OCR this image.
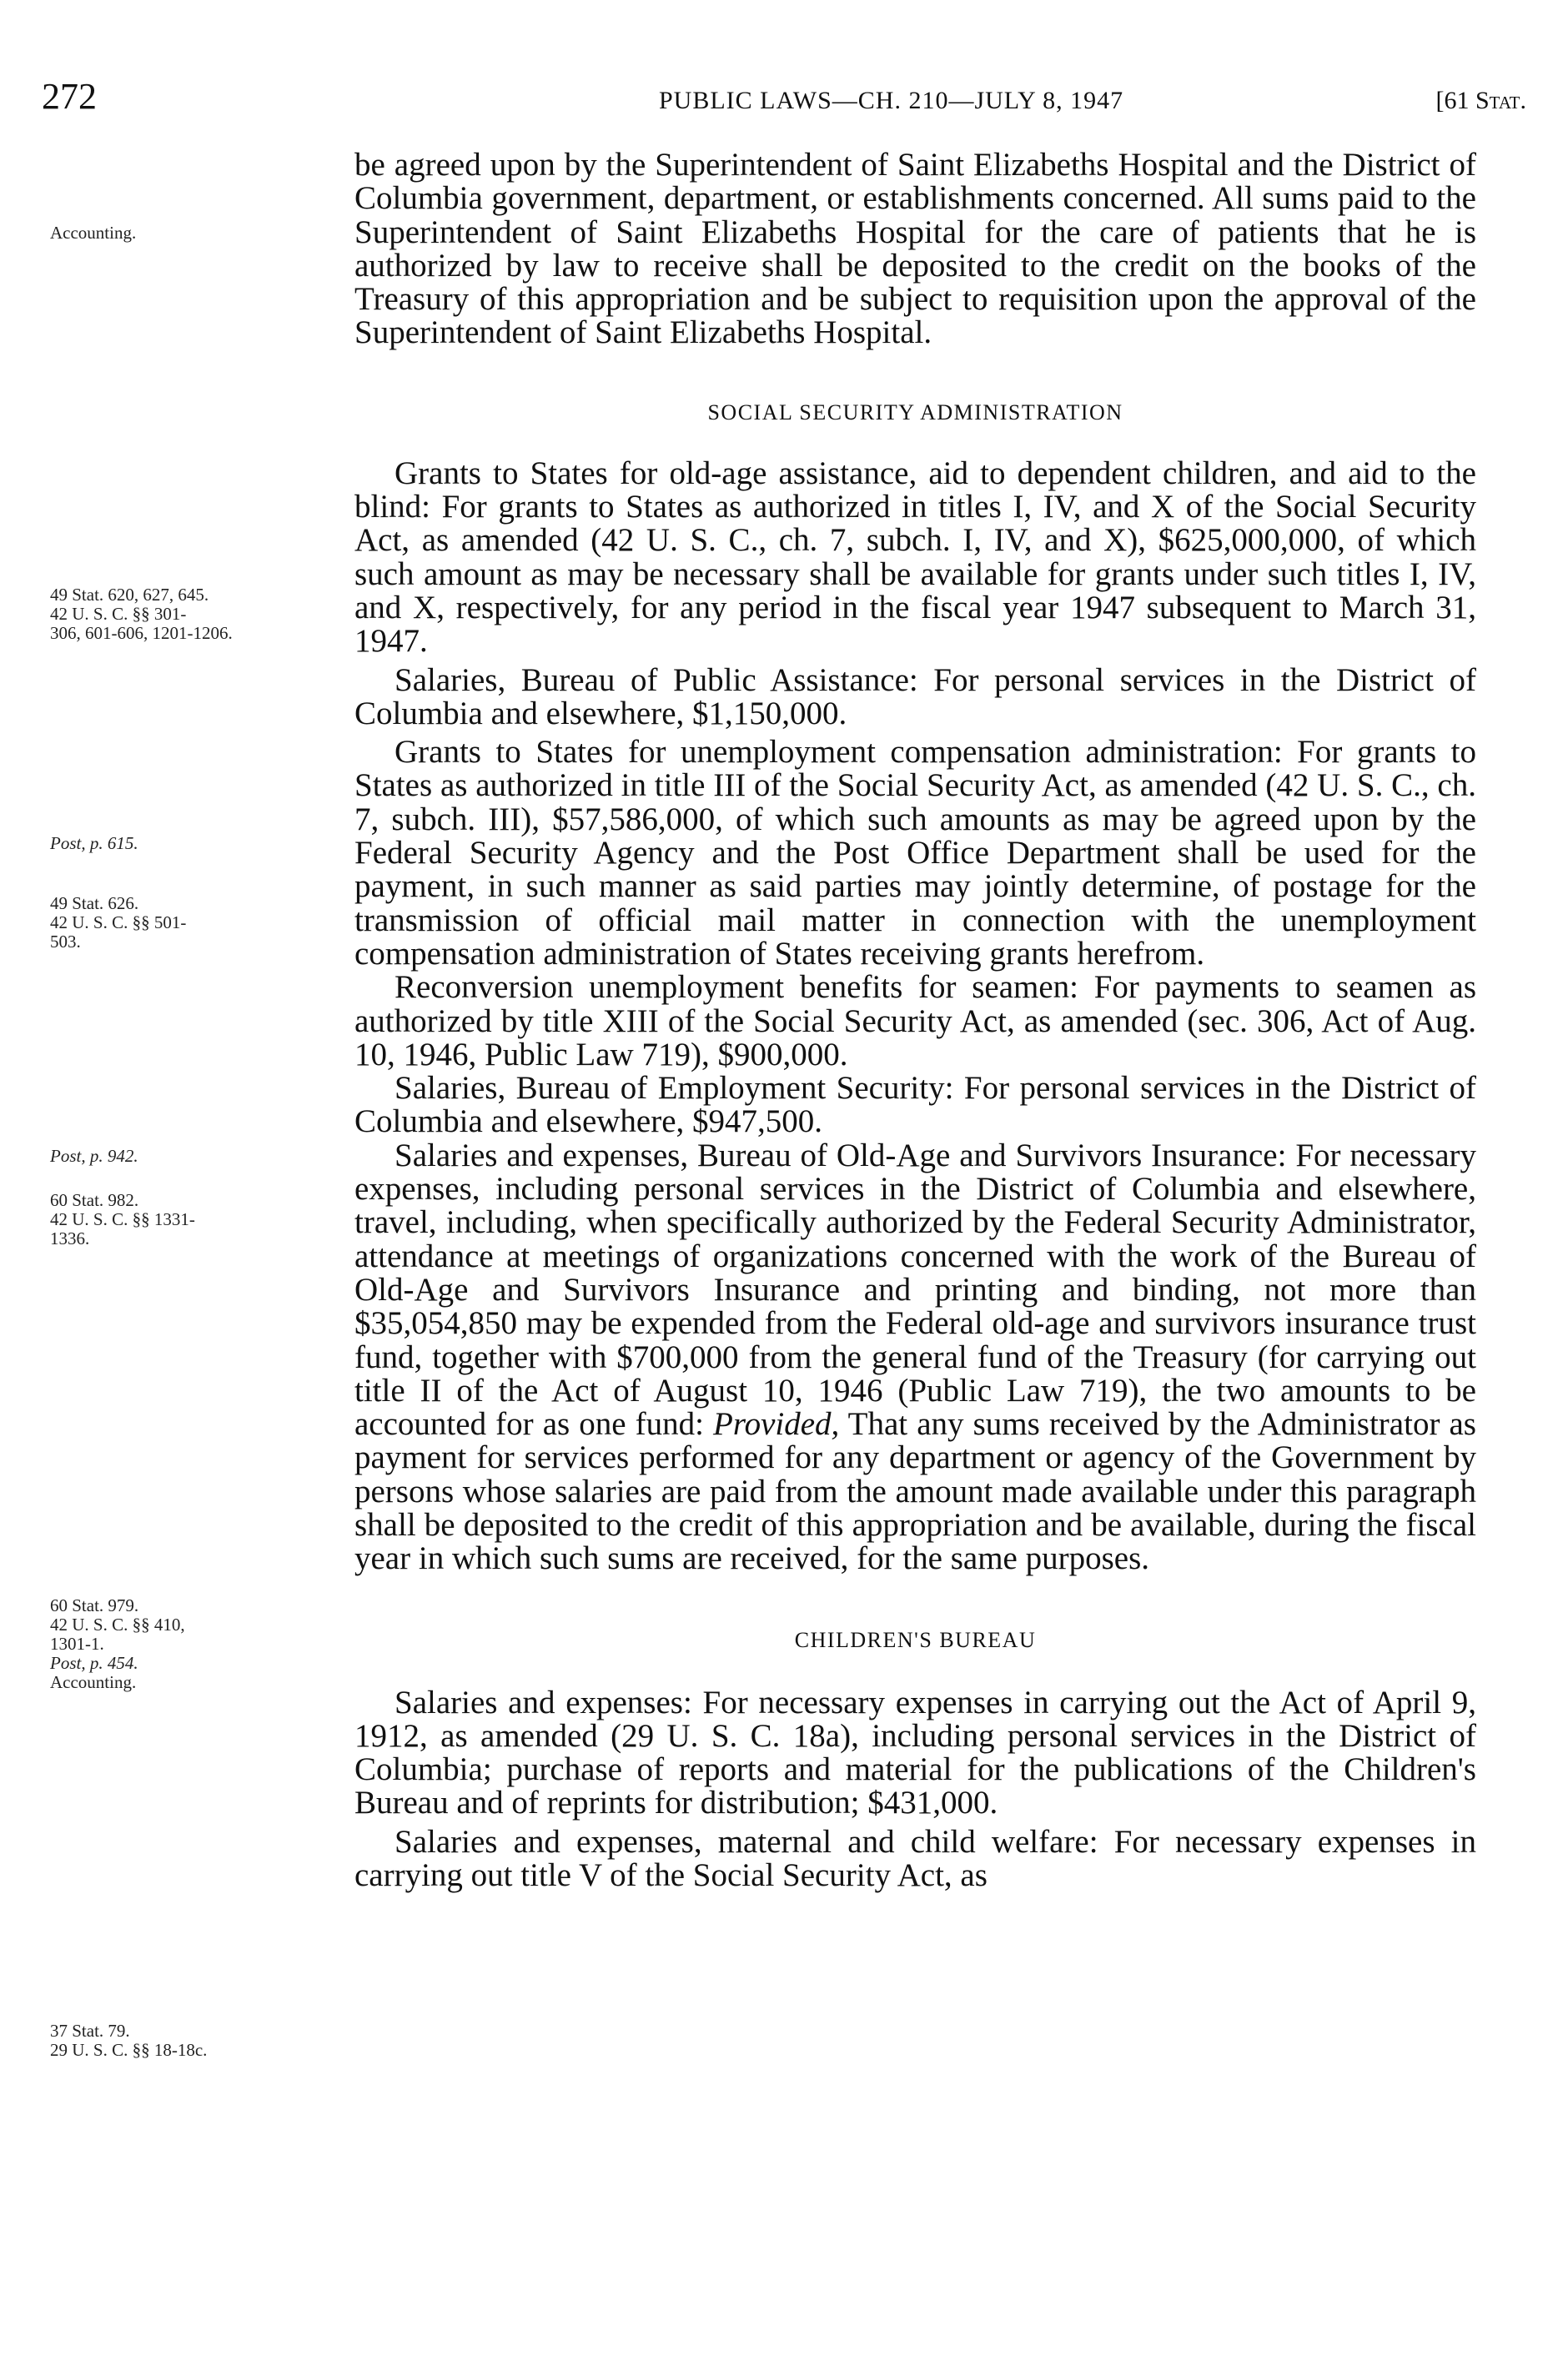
272	PUBLIC LAWS—CH. 210—JULY 8, 1947	[61 Stat.
Accounting.
49 Stat. 620, 627, 645.
42 U. S. C. §§ 301-
306, 601-606, 1201-1206.
Post, p. 615.
49 Stat. 626.
42 U. S. C. §§ 501-
503.
Post, p. 942.
60 Stat. 982.
42 U. S. C. §§ 1331-
1336.
60 Stat. 979.
42 U. S. C. §§ 410,
1301-1.
Post, p. 454.
Accounting.
37 Stat. 79.
29 U. S. C. §§ 18-18c.

be agreed upon by the Superintendent of Saint Elizabeths Hospital and the District of Columbia government, department, or establishments concerned. All sums paid to the Superintendent of Saint Elizabeths Hospital for the care of patients that he is authorized by law to receive shall be deposited to the credit on the books of the Treasury of this appropriation and be subject to requisition upon the approval of the Superintendent of Saint Elizabeths Hospital.

SOCIAL SECURITY ADMINISTRATION

Grants to States for old-age assistance, aid to dependent children, and aid to the blind: For grants to States as authorized in titles I, IV, and X of the Social Security Act, as amended (42 U. S. C., ch. 7, subch. I, IV, and X), $625,000,000, of which such amount as may be necessary shall be available for grants under such titles I, IV, and X, respectively, for any period in the fiscal year 1947 subsequent to March 31, 1947.

Salaries, Bureau of Public Assistance: For personal services in the District of Columbia and elsewhere, $1,150,000.

Grants to States for unemployment compensation administration: For grants to States as authorized in title III of the Social Security Act, as amended (42 U. S. C., ch. 7, subch. III), $57,586,000, of which such amounts as may be agreed upon by the Federal Security Agency and the Post Office Department shall be used for the payment, in such manner as said parties may jointly determine, of postage for the transmission of official mail matter in connection with the unemployment compensation administration of States receiving grants herefrom.

Reconversion unemployment benefits for seamen: For payments to seamen as authorized by title XIII of the Social Security Act, as amended (sec. 306, Act of Aug. 10, 1946, Public Law 719), $900,000.

Salaries, Bureau of Employment Security: For personal services in the District of Columbia and elsewhere, $947,500.

Salaries and expenses, Bureau of Old-Age and Survivors Insurance: For necessary expenses, including personal services in the District of Columbia and elsewhere, travel, including, when specifically authorized by the Federal Security Administrator, attendance at meetings of organizations concerned with the work of the Bureau of Old-Age and Survivors Insurance and printing and binding, not more than $35,054,850 may be expended from the Federal old-age and survivors insurance trust fund, together with $700,000 from the general fund of the Treasury (for carrying out title II of the Act of August 10, 1946 (Public Law 719), the two amounts to be accounted for as one fund: Provided, That any sums received by the Administrator as payment for services performed for any department or agency of the Government by persons whose salaries are paid from the amount made available under this paragraph shall be deposited to the credit of this appropriation and be available, during the fiscal year in which such sums are received, for the same purposes.

CHILDREN'S BUREAU

Salaries and expenses: For necessary expenses in carrying out the Act of April 9, 1912, as amended (29 U. S. C. 18a), including personal services in the District of Columbia; purchase of reports and material for the publications of the Children's Bureau and of reprints for distribution; $431,000.

Salaries and expenses, maternal and child welfare: For necessary expenses in carrying out title V of the Social Security Act, as
